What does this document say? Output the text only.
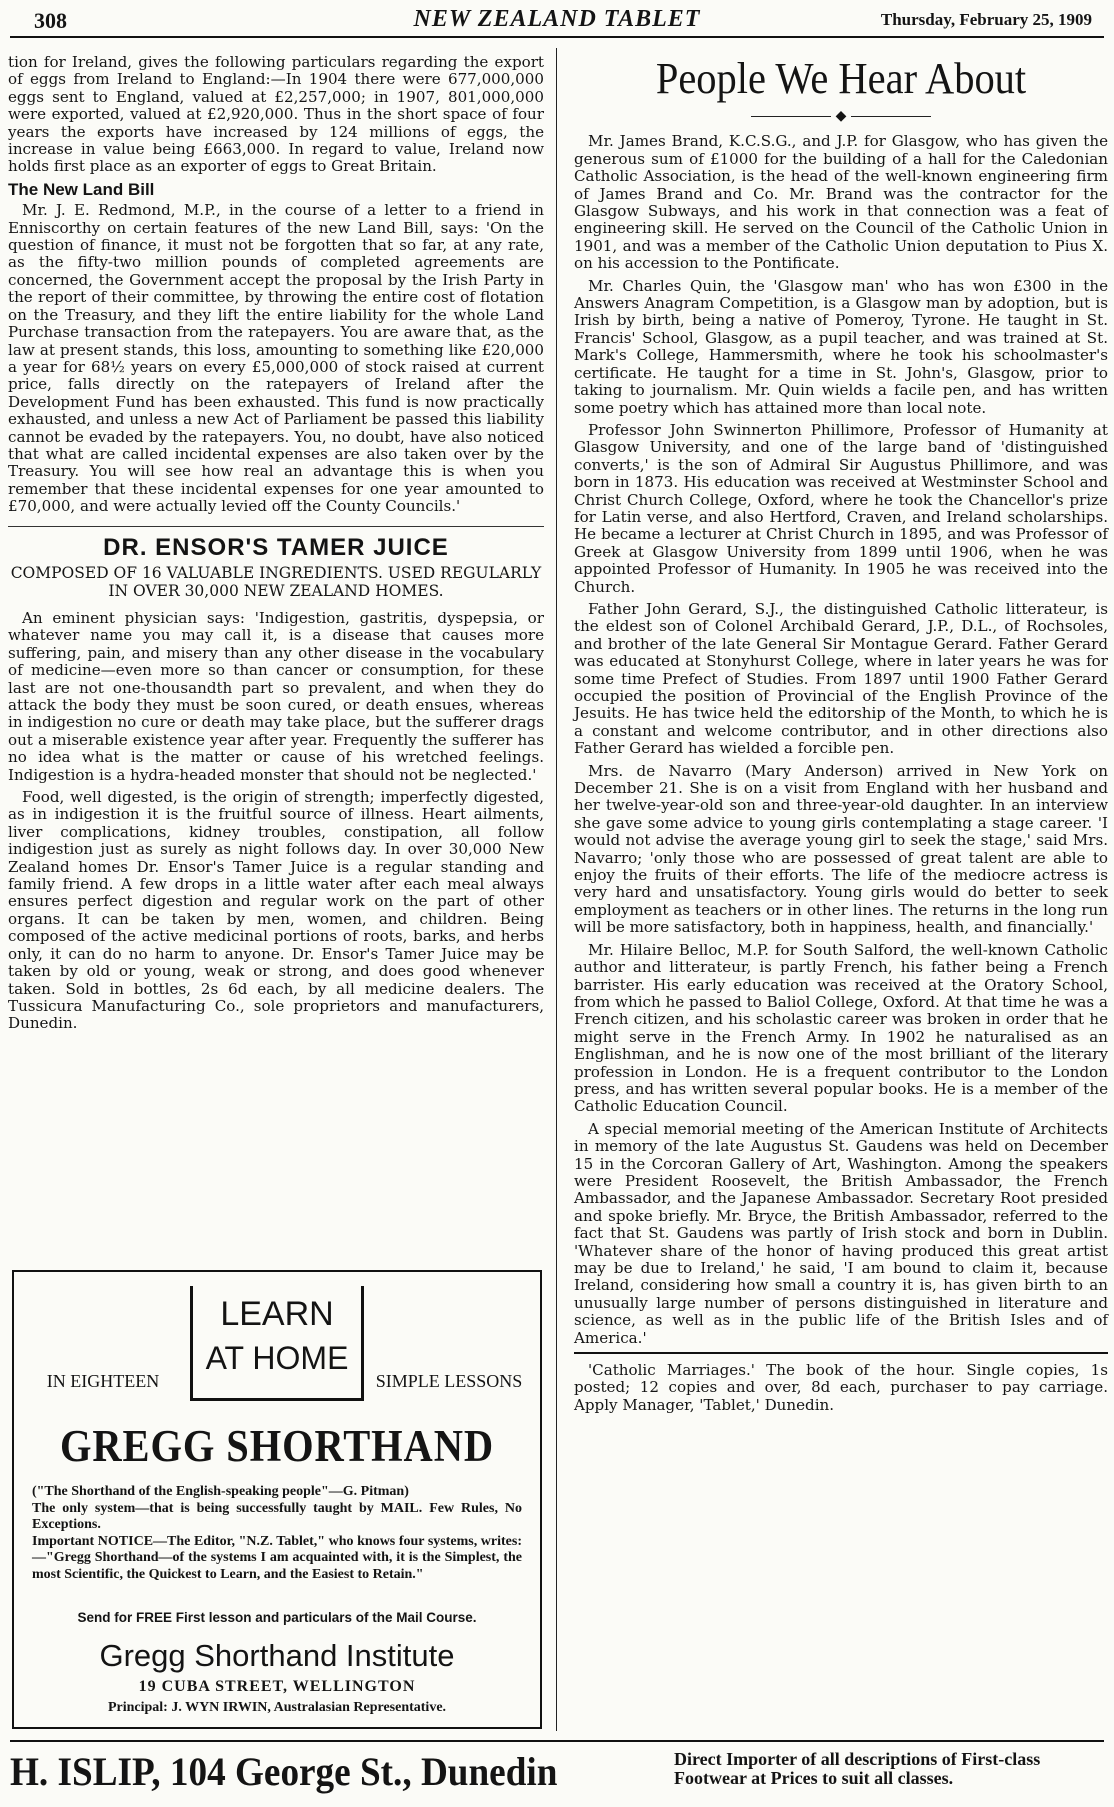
308	NEW ZEALAND TABLET	Thursday, February 25, 1909

tion for Ireland, gives the following particulars regarding the export of eggs from Ireland to England:—In 1904 there were 677,000,000 eggs sent to England, valued at £2,257,000; in 1907, 801,000,000 were exported, valued at £2,920,000. Thus in the short space of four years the exports have increased by 124 millions of eggs, the increase in value being £663,000. In regard to value, Ireland now holds first place as an exporter of eggs to Great Britain.

The New Land Bill

Mr. J. E. Redmond, M.P., in the course of a letter to a friend in Enniscorthy on certain features of the new Land Bill, says: 'On the question of finance, it must not be forgotten that so far, at any rate, as the fifty-two million pounds of completed agreements are concerned, the Government accept the proposal by the Irish Party in the report of their committee, by throwing the entire cost of flotation on the Treasury, and they lift the entire liability for the whole Land Purchase transaction from the ratepayers. You are aware that, as the law at present stands, this loss, amounting to something like £20,000 a year for 68½ years on every £5,000,000 of stock raised at current price, falls directly on the ratepayers of Ireland after the Development Fund has been exhausted. This fund is now practically exhausted, and unless a new Act of Parliament be passed this liability cannot be evaded by the ratepayers. You, no doubt, have also noticed that what are called incidental expenses are also taken over by the Treasury. You will see how real an advantage this is when you remember that these incidental expenses for one year amounted to £70,000, and were actually levied off the County Councils.'

DR. ENSOR'S TAMER JUICE
COMPOSED OF 16 VALUABLE INGREDIENTS. USED REGULARLY IN OVER 30,000 NEW ZEALAND HOMES.

An eminent physician says: 'Indigestion, gastritis, dyspepsia, or whatever name you may call it, is a disease that causes more suffering, pain, and misery than any other disease in the vocabulary of medicine—even more so than cancer or consumption, for these last are not one-thousandth part so prevalent, and when they do attack the body they must be soon cured, or death ensues, whereas in indigestion no cure or death may take place, but the sufferer drags out a miserable existence year after year. Frequently the sufferer has no idea what is the matter or cause of his wretched feelings. Indigestion is a hydra-headed monster that should not be neglected.'

Food, well digested, is the origin of strength; imperfectly digested, as in indigestion it is the fruitful source of illness. Heart ailments, liver complications, kidney troubles, constipation, all follow indigestion just as surely as night follows day. In over 30,000 New Zealand homes Dr. Ensor's Tamer Juice is a regular standing and family friend. A few drops in a little water after each meal always ensures perfect digestion and regular work on the part of other organs. It can be taken by men, women, and children. Being composed of the active medicinal portions of roots, barks, and herbs only, it can do no harm to anyone. Dr. Ensor's Tamer Juice may be taken by old or young, weak or strong, and does good whenever taken. Sold in bottles, 2s 6d each, by all medicine dealers. The Tussicura Manufacturing Co., sole proprietors and manufacturers, Dunedin.

IN EIGHTEEN
LEARN
AT HOME
SIMPLE LESSONS
GREGG SHORTHAND
("The Shorthand of the English-speaking people"—G. Pitman)
The only system—that is being successfully taught by MAIL. Few Rules, No Exceptions.
Important NOTICE—The Editor, "N.Z. Tablet," who knows four systems, writes:—"Gregg Shorthand—of the systems I am acquainted with, it is the Simplest, the most Scientific, the Quickest to Learn, and the Easiest to Retain."
Send for FREE First lesson and particulars of the Mail Course.
Gregg Shorthand Institute
19 CUBA STREET, WELLINGTON
Principal: J. WYN IRWIN, Australasian Representative.
People We Hear About
◆

Mr. James Brand, K.C.S.G., and J.P. for Glasgow, who has given the generous sum of £1000 for the building of a hall for the Caledonian Catholic Association, is the head of the well-known engineering firm of James Brand and Co. Mr. Brand was the contractor for the Glasgow Subways, and his work in that connection was a feat of engineering skill. He served on the Council of the Catholic Union in 1901, and was a member of the Catholic Union deputation to Pius X. on his accession to the Pontificate.

Mr. Charles Quin, the 'Glasgow man' who has won £300 in the Answers Anagram Competition, is a Glasgow man by adoption, but is Irish by birth, being a native of Pomeroy, Tyrone. He taught in St. Francis' School, Glasgow, as a pupil teacher, and was trained at St. Mark's College, Hammersmith, where he took his schoolmaster's certificate. He taught for a time in St. John's, Glasgow, prior to taking to journalism. Mr. Quin wields a facile pen, and has written some poetry which has attained more than local note.

Professor John Swinnerton Phillimore, Professor of Humanity at Glasgow University, and one of the large band of 'distinguished converts,' is the son of Admiral Sir Augustus Phillimore, and was born in 1873. His education was received at Westminster School and Christ Church College, Oxford, where he took the Chancellor's prize for Latin verse, and also Hertford, Craven, and Ireland scholarships. He became a lecturer at Christ Church in 1895, and was Professor of Greek at Glasgow University from 1899 until 1906, when he was appointed Professor of Humanity. In 1905 he was received into the Church.

Father John Gerard, S.J., the distinguished Catholic litterateur, is the eldest son of Colonel Archibald Gerard, J.P., D.L., of Rochsoles, and brother of the late General Sir Montague Gerard. Father Gerard was educated at Stonyhurst College, where in later years he was for some time Prefect of Studies. From 1897 until 1900 Father Gerard occupied the position of Provincial of the English Province of the Jesuits. He has twice held the editorship of the Month, to which he is a constant and welcome contributor, and in other directions also Father Gerard has wielded a forcible pen.

Mrs. de Navarro (Mary Anderson) arrived in New York on December 21. She is on a visit from England with her husband and her twelve-year-old son and three-year-old daughter. In an interview she gave some advice to young girls contemplating a stage career. 'I would not advise the average young girl to seek the stage,' said Mrs. Navarro; 'only those who are possessed of great talent are able to enjoy the fruits of their efforts. The life of the mediocre actress is very hard and unsatisfactory. Young girls would do better to seek employment as teachers or in other lines. The returns in the long run will be more satisfactory, both in happiness, health, and financially.'

Mr. Hilaire Belloc, M.P. for South Salford, the well-known Catholic author and litterateur, is partly French, his father being a French barrister. His early education was received at the Oratory School, from which he passed to Baliol College, Oxford. At that time he was a French citizen, and his scholastic career was broken in order that he might serve in the French Army. In 1902 he naturalised as an Englishman, and he is now one of the most brilliant of the literary profession in London. He is a frequent contributor to the London press, and has written several popular books. He is a member of the Catholic Education Council.

A special memorial meeting of the American Institute of Architects in memory of the late Augustus St. Gaudens was held on December 15 in the Corcoran Gallery of Art, Washington. Among the speakers were President Roosevelt, the British Ambassador, the French Ambassador, and the Japanese Ambassador. Secretary Root presided and spoke briefly. Mr. Bryce, the British Ambassador, referred to the fact that St. Gaudens was partly of Irish stock and born in Dublin. 'Whatever share of the honor of having produced this great artist may be due to Ireland,' he said, 'I am bound to claim it, because Ireland, considering how small a country it is, has given birth to an unusually large number of persons distinguished in literature and science, as well as in the public life of the British Isles and of America.'

'Catholic Marriages.' The book of the hour. Single copies, 1s posted; 12 copies and over, 8d each, purchaser to pay carriage. Apply Manager, 'Tablet,' Dunedin.

H. ISLIP, 104 George St., Dunedin	Direct Importer of all descriptions of First-class
Footwear at Prices to suit all classes.
